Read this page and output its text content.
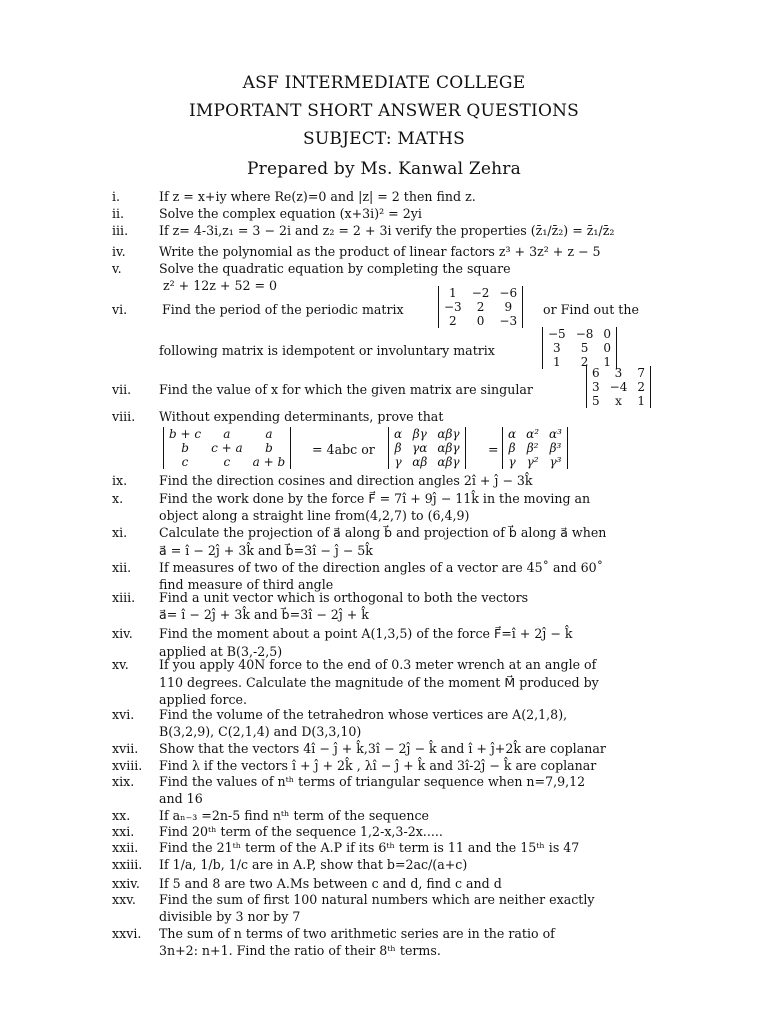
ASF INTERMEDIATE COLLEGE
IMPORTANT SHORT ANSWER QUESTIONS
SUBJECT: MATHS
Prepared by Ms. Kanwal Zehra
i.	If z = x+iy where Re(z)=0 and |z| = 2 then find z.
ii.	Solve the complex equation (x+3i)² = 2yi
iii. If z= 4-3i,z₁ = 3 − 2i and z₂ = 2 + 3i verify the properties (z̄₁/z̄₂) = z̄₁/z̄₂
iv.	Write the polynomial as the product of linear factors z³ + 3z² + z − 5
v.	Solve the quadratic equation by completing the square
z² + 12z + 52 = 0
vi.	Find the period of the periodic matrix
1	−2	−6
−3	2	9
2	0	−3
or Find out the
following matrix is idempotent or involuntary matrix
−5	−8	0
3	5	0
1	2	1
vii. Find the value of x for which the given matrix are singular
6	3	7
3	−4	2
5	x	1
viii. Without expending determinants, prove that
b + c	a	a
b	c + a	b
c	c	a + b
= 4abc or
α	βγ	αβγ
β	γα	αβγ
γ	αβ	αβγ
=
α	α²	α³
β	β²	β³
γ	γ²	γ³
ix.	Find the direction cosines and direction angles 2î + ĵ − 3k̂
x.	Find the work done by the force F⃗ = 7î + 9ĵ − 11k̂ in the moving an
object along a straight line from(4,2,7) to (6,4,9)
xi.	Calculate the projection of a⃗ along b⃗ and projection of b⃗ along a⃗ when
a⃗ = î − 2ĵ + 3k̂ and b⃗=3î − ĵ − 5k̂
xii. If measures of two of the direction angles of a vector are 45˚ and 60˚
find measure of third angle
xiii. Find a unit vector which is orthogonal to both the vectors
a⃗= î − 2ĵ + 3k̂ and b⃗=3î − 2ĵ + k̂
xiv. Find the moment about a point A(1,3,5) of the force F⃗=î + 2ĵ − k̂
applied at B(3,-2,5)
xv. If you apply 40N force to the end of 0.3 meter wrench at an angle of
110 degrees. Calculate the magnitude of the moment M⃗ produced by
applied force.
xvi. Find the volume of the tetrahedron whose vertices are A(2,1,8),
B(3,2,9), C(2,1,4) and D(3,3,10)
xvii. Show that the vectors 4î − ĵ + k̂,3î − 2ĵ − k̂ and î + ĵ+2k̂ are coplanar
xviii. Find λ if the vectors î + ĵ + 2k̂ , λî − ĵ + k̂ and 3î-2ĵ − k̂ are coplanar
xix. Find the values of nᵗʰ terms of triangular sequence when n=7,9,12
and 16
xx. If aₙ₋₃ =2n-5 find nᵗʰ term of the sequence
xxi. Find 20ᵗʰ term of the sequence 1,2-x,3-2x.....
xxii. Find the 21ᵗʰ term of the A.P if its 6ᵗʰ term is 11 and the 15ᵗʰ is 47
xxiii. If 1/a, 1/b, 1/c are in A.P, show that b=2ac/(a+c)
xxiv. If 5 and 8 are two A.Ms between c and d, find c and d
xxv. Find the sum of first 100 natural numbers which are neither exactly
divisible by 3 nor by 7
xxvi. The sum of n terms of two arithmetic series are in the ratio of
3n+2: n+1. Find the ratio of their 8ᵗʰ terms.
